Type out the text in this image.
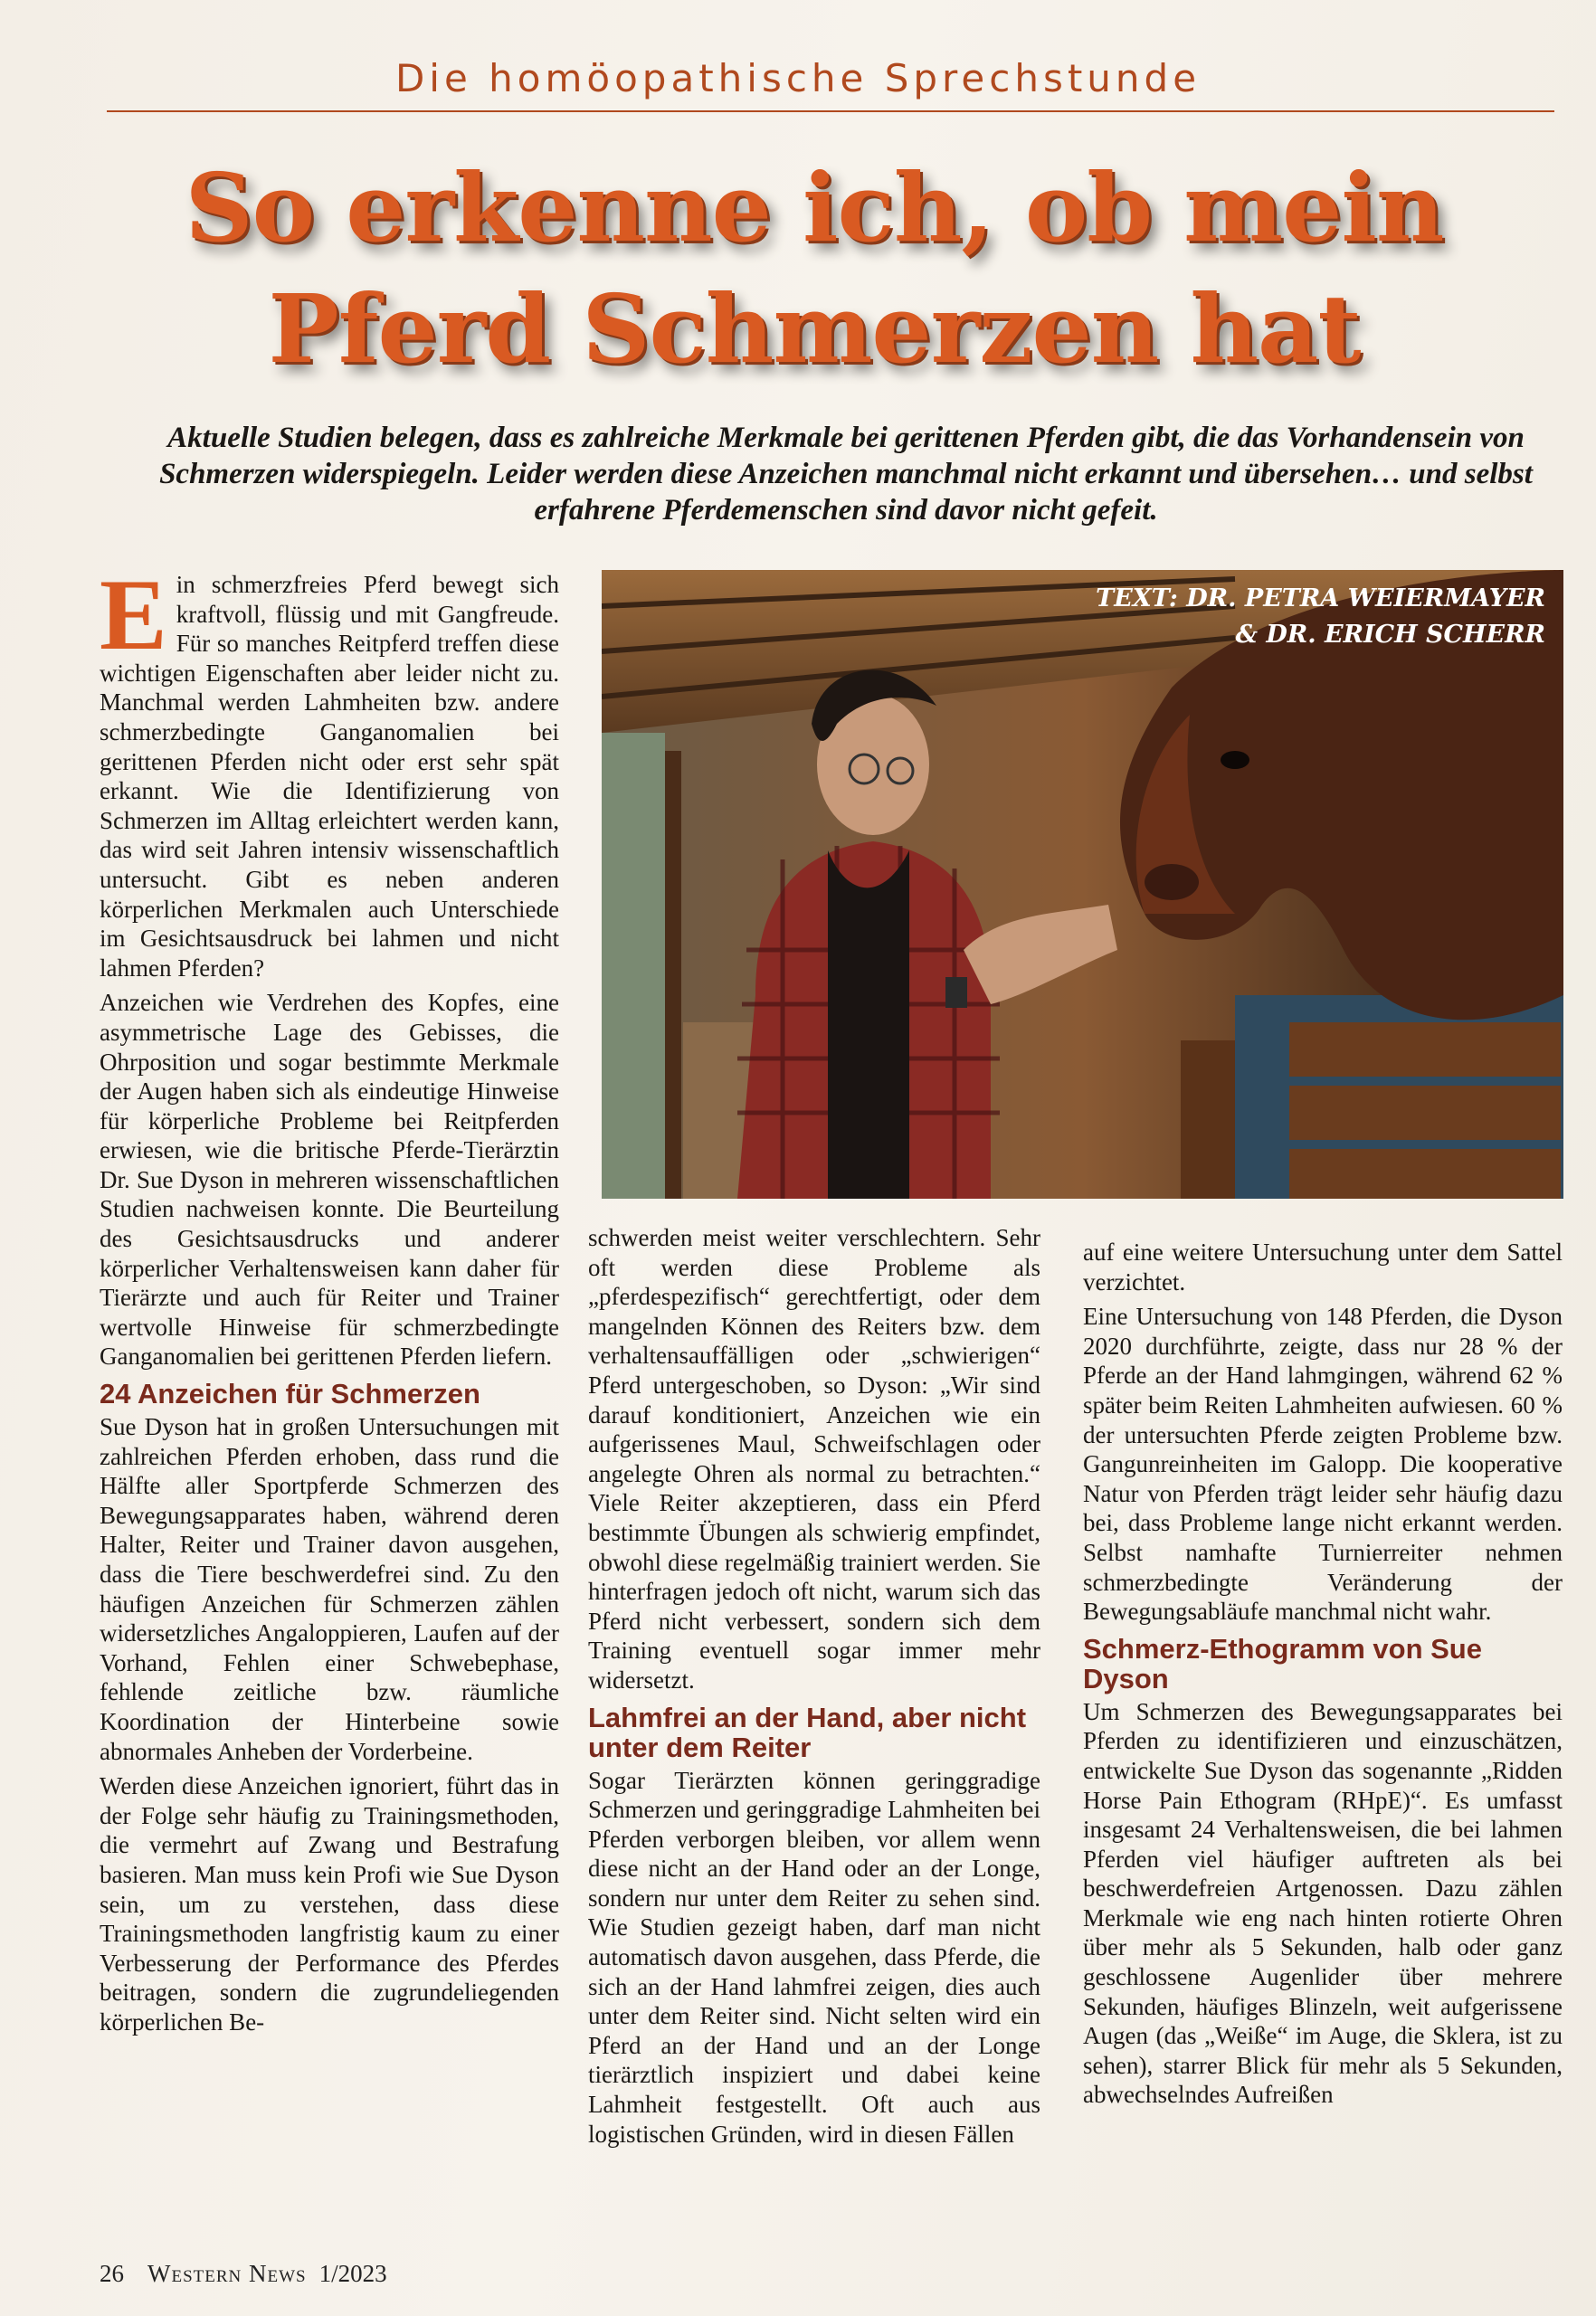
Die homöopathische Sprechstunde
So erkenne ich, ob mein
Pferd Schmerzen hat
Aktuelle Studien belegen, dass es zahlreiche Merkmale bei gerittenen Pferden gibt, die das Vorhandensein von Schmerzen widerspiegeln. Leider werden diese Anzeichen manchmal nicht erkannt und übersehen… und selbst erfahrene Pferdemenschen sind davor nicht gefeit.

Ein schmerzfreies Pferd bewegt sich kraftvoll, flüssig und mit Gangfreude. Für so manches Reitpferd treffen diese wichtigen Eigenschaften aber leider nicht zu. Manchmal werden Lahmheiten bzw. andere schmerzbedingte Ganganomalien bei gerittenen Pferden nicht oder erst sehr spät erkannt. Wie die Identifizierung von Schmerzen im Alltag erleichtert werden kann, das wird seit Jahren intensiv wissenschaftlich untersucht. Gibt es neben anderen körperlichen Merkmalen auch Unterschiede im Gesichtsausdruck bei lahmen und nicht lahmen Pferden?

Anzeichen wie Verdrehen des Kopfes, eine asymmetrische Lage des Gebisses, die Ohrposition und sogar bestimmte Merkmale der Augen haben sich als eindeutige Hinweise für körperliche Probleme bei Reitpferden erwiesen, wie die britische Pferde-Tierärztin Dr. Sue Dyson in mehreren wissenschaftlichen Studien nachweisen konnte. Die Beurteilung des Gesichtsausdrucks und anderer körperlicher Verhaltensweisen kann daher für Tierärzte und auch für Reiter und Trainer wertvolle Hinweise für schmerzbedingte Ganganomalien bei gerittenen Pferden liefern.

24 Anzeichen für Schmerzen

Sue Dyson hat in großen Untersuchungen mit zahlreichen Pferden erhoben, dass rund die Hälfte aller Sportpferde Schmerzen des Bewegungsapparates haben, während deren Halter, Reiter und Trainer davon ausgehen, dass die Tiere beschwerdefrei sind. Zu den häufigen Anzeichen für Schmerzen zählen widersetzliches Angaloppieren, Laufen auf der Vorhand, Fehlen einer Schwebephase, fehlende zeitliche bzw. räumliche Koordination der Hinterbeine sowie abnormales Anheben der Vorderbeine.

Werden diese Anzeichen ignoriert, führt das in der Folge sehr häufig zu Trainingsmethoden, die vermehrt auf Zwang und Bestrafung basieren. Man muss kein Profi wie Sue Dyson sein, um zu verstehen, dass diese Trainingsmethoden langfristig kaum zu einer Verbesserung der Performance des Pferdes beitragen, sondern die zugrundeliegenden körperlichen Be-

TEXT: DR. PETRA WEIERMAYER
& DR. ERICH SCHERR

schwerden meist weiter verschlechtern. Sehr oft werden diese Probleme als „pferdespezifisch“ gerechtfertigt, oder dem mangelnden Können des Reiters bzw. dem verhaltensauffälligen oder „schwierigen“ Pferd untergeschoben, so Dyson: „Wir sind darauf konditioniert, Anzeichen wie ein aufgerissenes Maul, Schweifschlagen oder angelegte Ohren als normal zu betrachten.“ Viele Reiter akzeptieren, dass ein Pferd bestimmte Übungen als schwierig empfindet, obwohl diese regelmäßig trainiert werden. Sie hinterfragen jedoch oft nicht, warum sich das Pferd nicht verbessert, sondern sich dem Training eventuell sogar immer mehr widersetzt.

Lahmfrei an der Hand, aber nicht unter dem Reiter

Sogar Tierärzten können geringgradige Schmerzen und geringgradige Lahmheiten bei Pferden verborgen bleiben, vor allem wenn diese nicht an der Hand oder an der Longe, sondern nur unter dem Reiter zu sehen sind. Wie Studien gezeigt haben, darf man nicht automatisch davon ausgehen, dass Pferde, die sich an der Hand lahmfrei zeigen, dies auch unter dem Reiter sind. Nicht selten wird ein Pferd an der Hand und an der Longe tierärztlich inspiziert und dabei keine Lahmheit festgestellt. Oft auch aus logistischen Gründen, wird in diesen Fällen

auf eine weitere Untersuchung unter dem Sattel verzichtet.

Eine Untersuchung von 148 Pferden, die Dyson 2020 durchführte, zeigte, dass nur 28 % der Pferde an der Hand lahmgingen, während 62 % später beim Reiten Lahmheiten aufwiesen. 60 % der untersuchten Pferde zeigten Probleme bzw. Gangunreinheiten im Galopp. Die kooperative Natur von Pferden trägt leider sehr häufig dazu bei, dass Probleme lange nicht erkannt werden. Selbst namhafte Turnierreiter nehmen schmerzbedingte Veränderung der Bewegungsabläufe manchmal nicht wahr.

Schmerz-Ethogramm von Sue Dyson

Um Schmerzen des Bewegungsapparates bei Pferden zu identifizieren und einzuschätzen, entwickelte Sue Dyson das sogenannte „Ridden Horse Pain Ethogram (RHpE)“. Es umfasst insgesamt 24 Verhaltensweisen, die bei lahmen Pferden viel häufiger auftreten als bei beschwerdefreien Artgenossen. Dazu zählen Merkmale wie eng nach hinten rotierte Ohren über mehr als 5 Sekunden, halb oder ganz geschlossene Augenlider über mehrere Sekunden, häufiges Blinzeln, weit aufgerissene Augen (das „Weiße“ im Auge, die Sklera, ist zu sehen), starrer Blick für mehr als 5 Sekunden, abwechselndes Aufreißen

26 Western News 1/2023
